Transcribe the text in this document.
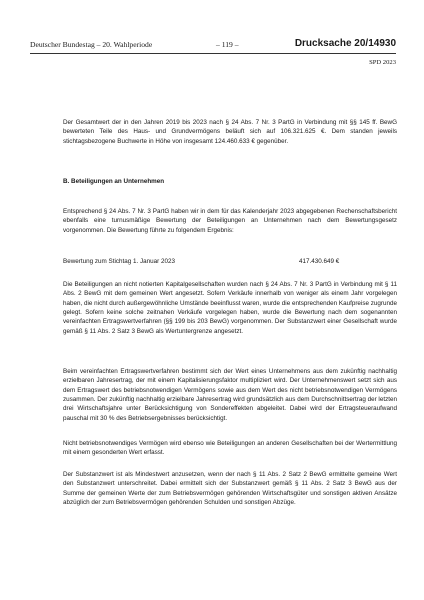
Deutscher Bundestag – 20. Wahlperiode	– 119 –	Drucksache 20/14930
SPD 2023

Der Gesamtwert der in den Jahren 2019 bis 2023 nach § 24 Abs. 7 Nr. 3 PartG in Verbindung mit §§ 145 ff. BewG bewerteten Teile des Haus- und Grundvermögens beläuft sich auf 106.321.625 €. Dem standen jeweils stichtagsbezogene Buchwerte in Höhe von insgesamt 124.460.633 € gegenüber.

B. Beteiligungen an Unternehmen

Entsprechend § 24 Abs. 7 Nr. 3 PartG haben wir in dem für das Kalenderjahr 2023 abgegebenen Rechenschaftsbericht ebenfalls eine turnusmäßige Bewertung der Beteiligungen an Unternehmen nach dem Bewertungsgesetz vorgenommen. Die Bewertung führte zu folgendem Ergebnis:

Bewertung zum Stichtag 1. Januar 2023	417.430.649 €

Die Beteiligungen an nicht notierten Kapitalgesellschaften wurden nach § 24 Abs. 7 Nr. 3 PartG in Verbindung mit § 11 Abs. 2 BewG mit dem gemeinen Wert angesetzt. Sofern Verkäufe innerhalb von weniger als einem Jahr vorgelegen haben, die nicht durch außergewöhnliche Umstände beeinflusst waren, wurde die entsprechenden Kaufpreise zugrunde gelegt. Sofern keine solche zeitnahen Verkäufe vorgelegen haben, wurde die Bewertung nach dem sogenannten vereinfachten Ertragswertverfahren (§§ 199 bis 203 BewG) vorgenommen. Der Substanzwert einer Gesellschaft wurde gemäß § 11 Abs. 2 Satz 3 BewG als Wertuntergrenze angesetzt.

Beim vereinfachten Ertragswertverfahren bestimmt sich der Wert eines Unternehmens aus dem zukünftig nachhaltig erzielbaren Jahresertrag, der mit einem Kapitalisierungsfaktor multipliziert wird. Der Unternehmenswert setzt sich aus dem Ertragswert des betriebsnotwendigen Vermögens sowie aus dem Wert des nicht betriebsnotwendigen Vermögens zusammen. Der zukünftig nachhaltig erzielbare Jahresertrag wird grundsätzlich aus dem Durchschnittsertrag der letzten drei Wirtschaftsjahre unter Berücksichtigung von Sondereffekten abgeleitet. Dabei wird der Ertragsteueraufwand pauschal mit 30 % des Betriebsergebnisses berücksichtigt.

Nicht betriebsnotwendiges Vermögen wird ebenso wie Beteiligungen an anderen Gesellschaften bei der Wertermittlung mit einem gesonderten Wert erfasst.

Der Substanzwert ist als Mindestwert anzusetzen, wenn der nach § 11 Abs. 2 Satz 2 BewG ermittelte gemeine Wert den Substanzwert unterschreitet. Dabei ermittelt sich der Substanzwert gemäß § 11 Abs. 2 Satz 3 BewG aus der Summe der gemeinen Werte der zum Betriebsvermögen gehörenden Wirtschaftsgüter und sonstigen aktiven Ansätze abzüglich der zum Betriebsvermögen gehörenden Schulden und sonstigen Abzüge.
